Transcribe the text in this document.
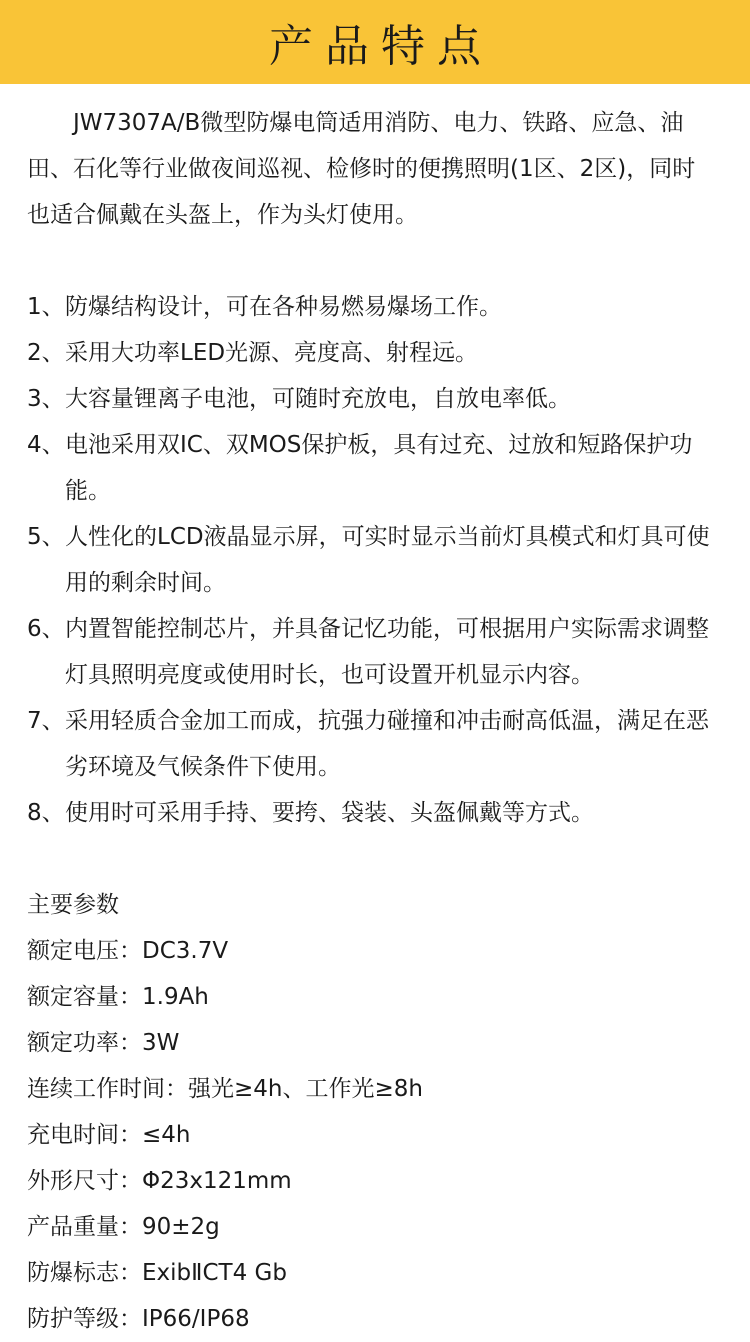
产品特点
JW7307A/B微型防爆电筒适用消防、电力、铁路、应急、油田、石化等行业做夜间巡视、检修时的便携照明(1区、2区)，同时也适合佩戴在头盔上，作为头灯使用。
1、 防爆结构设计，可在各种易燃易爆场工作。
2、 采用大功率LED光源、亮度高、射程远。
3、 大容量锂离子电池，可随时充放电，自放电率低。
4、 电池采用双IC、双MOS保护板，具有过充、过放和短路保护功能。
5、 人性化的LCD液晶显示屏，可实时显示当前灯具模式和灯具可使用的剩余时间。
6、 内置智能控制芯片，并具备记忆功能，可根据用户实际需求调整灯具照明亮度或使用时长，也可设置开机显示内容。
7、 采用轻质合金加工而成，抗强力碰撞和冲击耐高低温，满足在恶劣环境及气候条件下使用。
8、 使用时可采用手持、要挎、袋装、头盔佩戴等方式。
主要参数
额定电压：DC3.7V
额定容量：1.9Ah
额定功率：3W
连续工作时间：强光≥4h、工作光≥8h
充电时间：≤4h
外形尺寸：Φ23x121mm
产品重量：90±2g
防爆标志：ExibⅡCT4 Gb
防护等级：IP66/IP68
